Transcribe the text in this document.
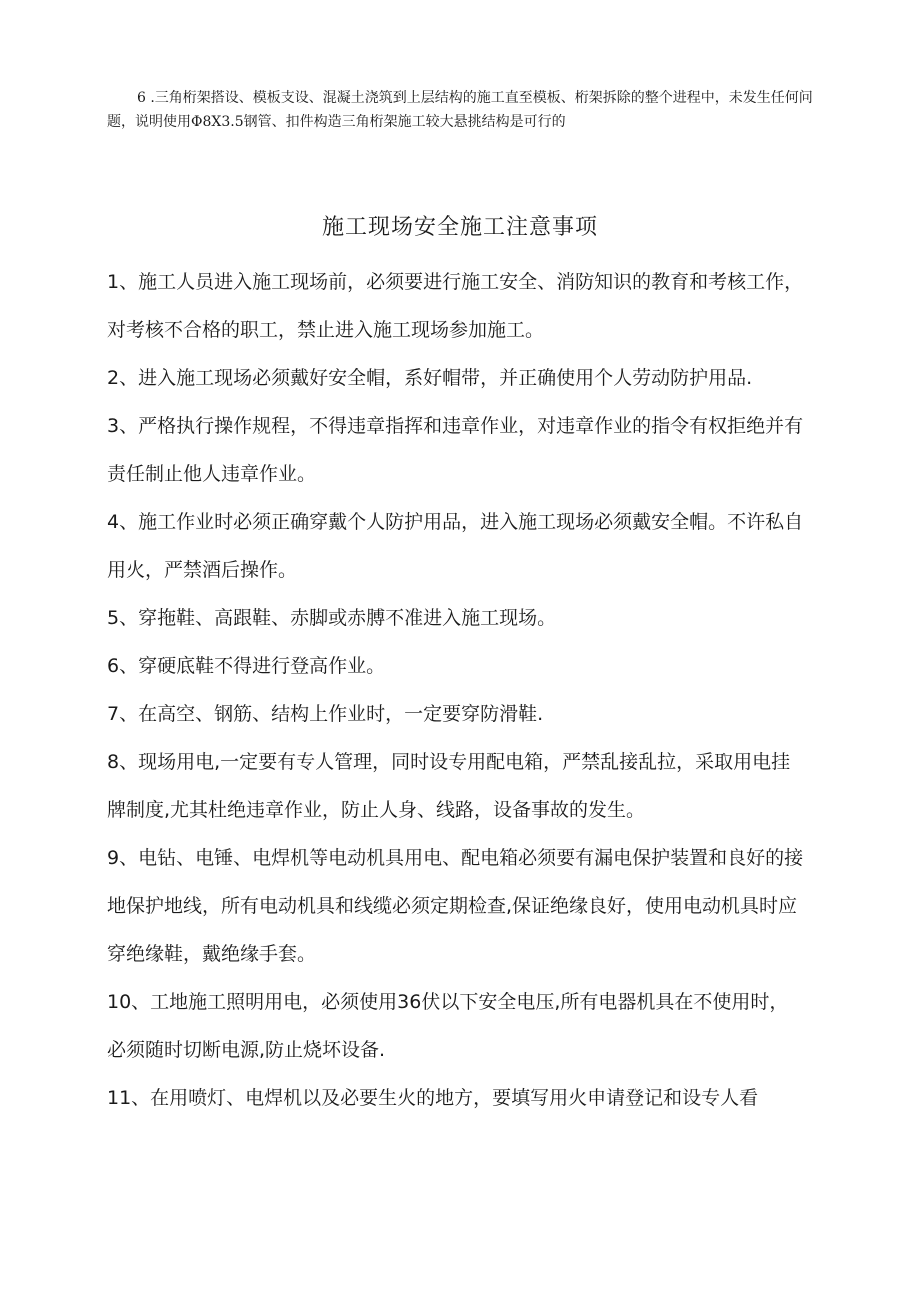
6 .三角桁架搭设、模板支设、混凝土浇筑到上层结构的施工直至模板、桁架拆除的整个进程中，未发生任何问题，说明使用Φ8X3.5钢管、扣件构造三角桁架施工较大悬挑结构是可行的

施工现场安全施工注意事项

1、施工人员进入施工现场前，必须要进行施工安全、消防知识的教育和考核工作，对考核不合格的职工，禁止进入施工现场参加施工。

2、进入施工现场必须戴好安全帽，系好帽带，并正确使用个人劳动防护用品.

3、严格执行操作规程，不得违章指挥和违章作业，对违章作业的指令有权拒绝并有责任制止他人违章作业。

4、施工作业时必须正确穿戴个人防护用品，进入施工现场必须戴安全帽。不许私自用火，严禁酒后操作。

5、穿拖鞋、高跟鞋、赤脚或赤膊不准进入施工现场。

6、穿硬底鞋不得进行登高作业。

7、在高空、钢筋、结构上作业时，一定要穿防滑鞋.

8、现场用电,一定要有专人管理，同时设专用配电箱，严禁乱接乱拉，采取用电挂牌制度,尤其杜绝违章作业，防止人身、线路，设备事故的发生。

9、电钻、电锤、电焊机等电动机具用电、配电箱必须要有漏电保护装置和良好的接地保护地线，所有电动机具和线缆必须定期检查,保证绝缘良好，使用电动机具时应穿绝缘鞋，戴绝缘手套。

10、工地施工照明用电，必须使用36伏以下安全电压,所有电器机具在不使用时，必须随时切断电源,防止烧坏设备.

11、在用喷灯、电焊机以及必要生火的地方，要填写用火申请登记和设专人看
